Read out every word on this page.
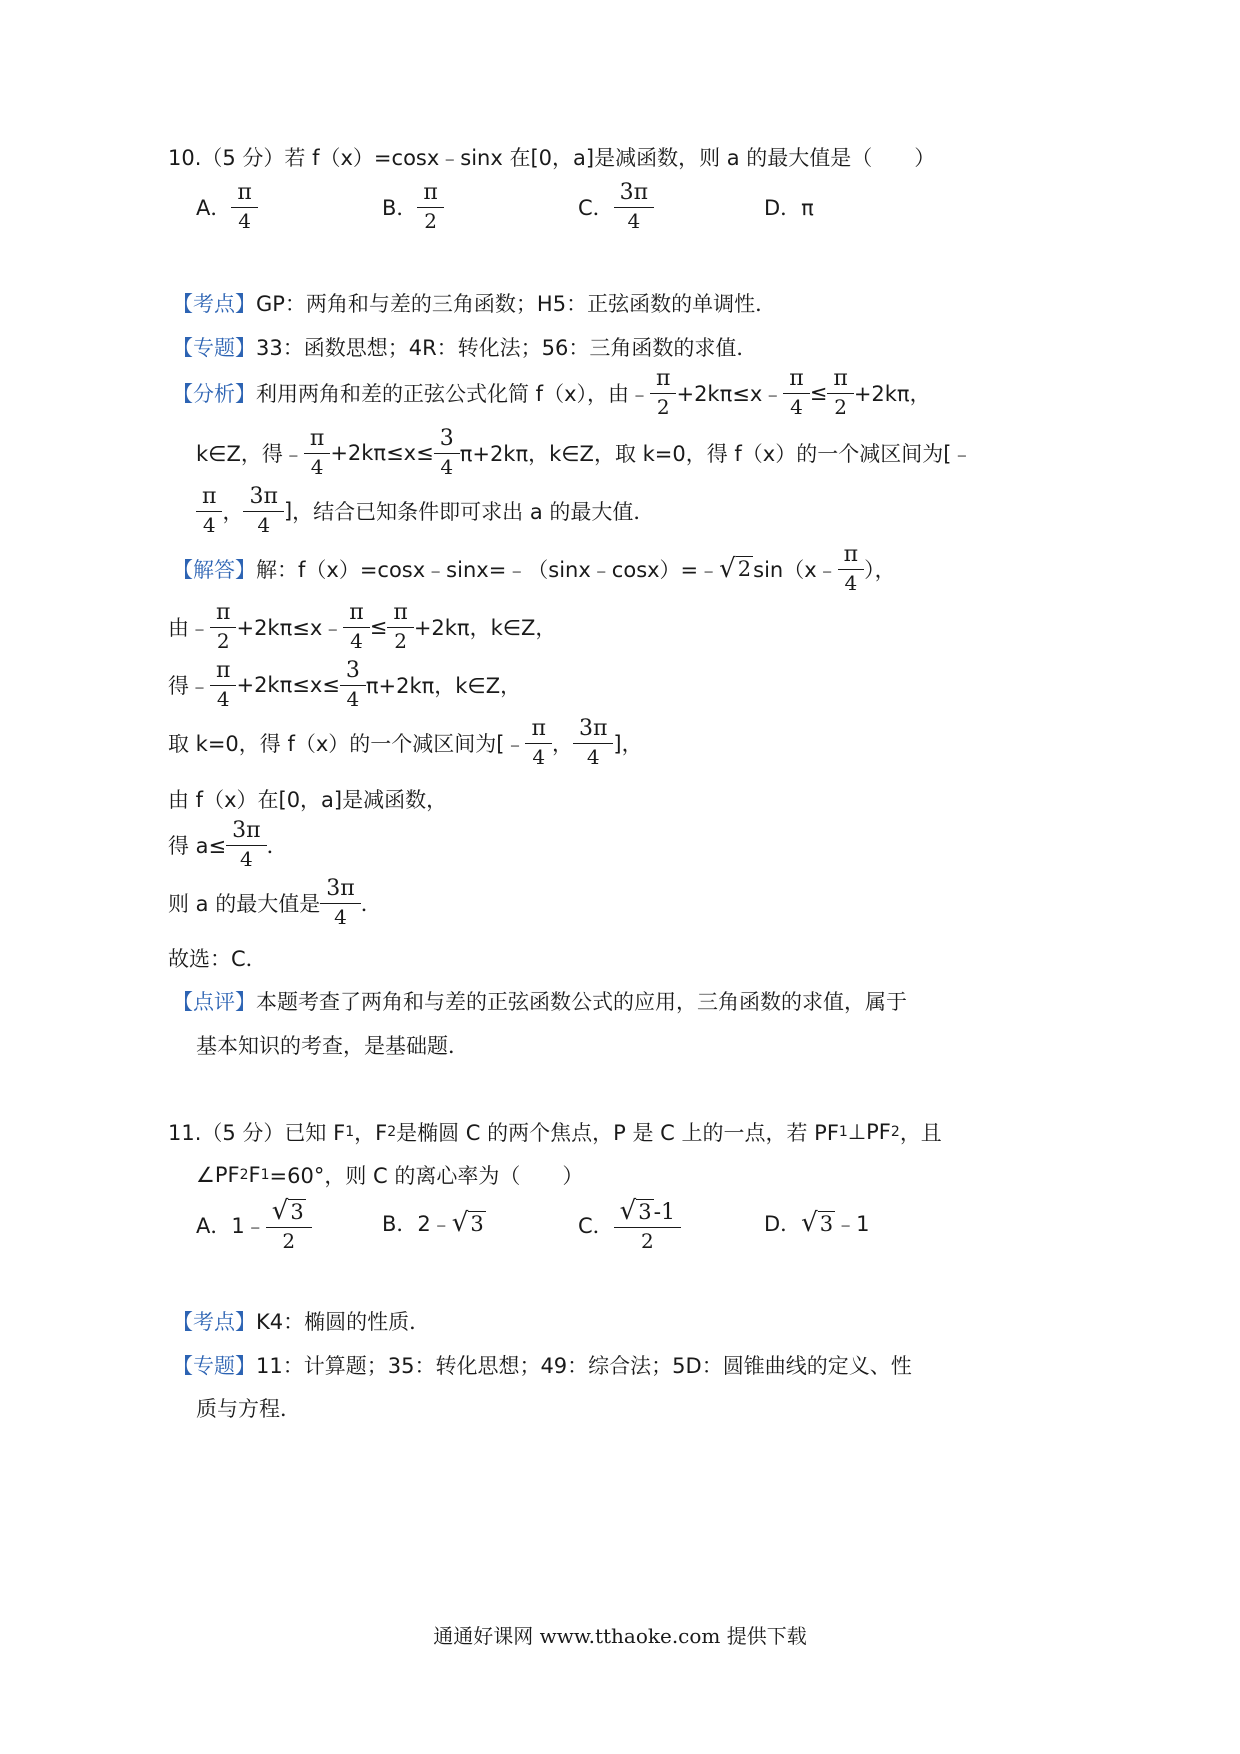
10.（5 分）若 f（x）=cosx﹣sinx 在[0，a]是减函数，则 a 的最大值是（　　）
A． $\frac{\pi}{4}$	B． $\frac{\pi}{2}$	C． $\frac{3\pi}{4}$	D．π
【考点】 GP：两角和与差的三角函数；H5：正弦函数的单调性．
【专题】 33：函数思想；4R：转化法；56：三角函数的求值．
【分析】 利用两角和差的正弦公式化简 f（x），由﹣ $\frac{\pi}{2}$ +2kπ≤x﹣ $\frac{\pi}{4} \le \frac{\pi}{2} +2k\pi$，
k∈Z，得﹣ $\frac{\pi}{4} +2k\pi\le x\le \frac{3}{4} \pi+2k\pi$，k∈Z，取 k=0，得 f（x）的一个减区间为[﹣
$\frac{\pi}{4}$ ， $\frac{3\pi}{4}$ ] ，结合已知条件即可求出 a 的最大值．
【解答】 解：f（x）=cosx﹣sinx=﹣（sinx﹣cosx）=﹣ √ 2 sin（x﹣ $\frac{\pi}{4}$ ），
由﹣ $\frac{\pi}{2}$ +2kπ≤x﹣ $\frac{\pi}{4} \le \frac{\pi}{2} +2k\pi$，k∈Z，
得﹣ $\frac{\pi}{4} +2k\pi\le x\le \frac{3}{4} \pi+2k\pi$，k∈Z，
取 k=0，得 f（x）的一个减区间为[﹣ $\frac{\pi}{4}$ ， $\frac{3\pi}{4}$ ]，
由 f（x）在[0，a]是减函数，
得 $a\le \frac{3\pi}{4}$ ．
则 a 的最大值是 $\frac{3\pi}{4}$ ．
故选：C．
【点评】 本题考查了两角和与差的正弦函数公式的应用，三角函数的求值，属于
基本知识的考查，是基础题．
11.（5 分）已知 F 1 ，F 2 是椭圆 C 的两个焦点，P 是 C 上的一点，若 PF 1 ⊥PF 2 ，且
∠PF 2 F 1 =60°，则 C 的离心率为（　　）
A．1﹣ $\frac{√ 3}{2}$	B．2﹣ √ 3	C． $\frac{√ 3 -1}{2}$	D． √ 3 ﹣1
【考点】 K4：椭圆的性质．
【专题】 11：计算题；35：转化思想；49：综合法；5D：圆锥曲线的定义、性
质与方程．
通通好课网 www.tthaoke.com 提供下载
